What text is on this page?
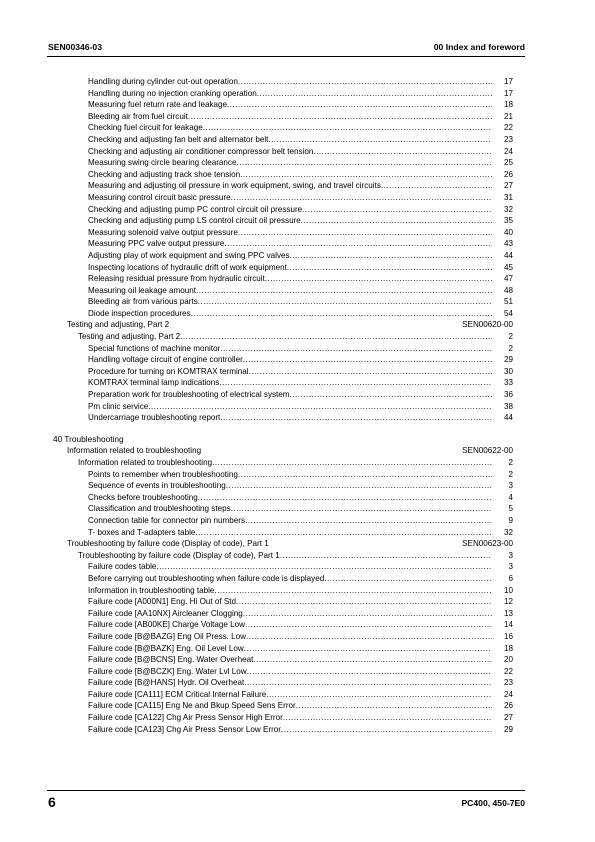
SEN00346-03	00 Index and foreword
Handling during cylinder cut-out operation .....	17
Handling during no injection cranking operation .....	17
Measuring fuel return rate and leakage .....	18
Bleeding air from fuel circuit .....	21
Checking fuel circuit for leakage .....	22
Checking and adjusting fan belt and alternator belt .....	23
Checking and adjusting air conditioner compressor belt tension .....	24
Measuring swing circle bearing clearance .....	25
Checking and adjusting track shoe tension .....	26
Measuring and adjusting oil pressure in work equipment, swing, and travel circuits .....	27
Measuring control circuit basic pressure .....	31
Checking and adjusting pump PC control circuit oil pressure .....	32
Checking and adjusting pump LS control circuit oil pressure .....	35
Measuring solenoid valve output pressure .....	40
Measuring PPC valve output pressure .....	43
Adjusting play of work equipment and swing PPC valves .....	44
Inspecting locations of hydraulic drift of work equipment .....	45
Releasing residual pressure from hydraulic circuit .....	47
Measuring oil leakage amount .....	48
Bleeding air from various parts .....	51
Diode inspection procedures .....	54
Testing and adjusting, Part 2	SEN00620-00
Testing and adjusting, Part 2 .....	2
Special functions of machine monitor .....	2
Handling voltage circuit of engine controller .....	29
Procedure for turning on KOMTRAX terminal .....	30
KOMTRAX terminal lamp indications .....	33
Preparation work for troubleshooting of electrical system .....	36
Pm clinic service .....	38
Undercarriage troubleshooting report .....	44
40 Troubleshooting
Information related to troubleshooting	SEN00622-00
Information related to troubleshooting .....	2
Points to remember when troubleshooting .....	2
Sequence of events in troubleshooting .....	3
Checks before troubleshooting .....	4
Classification and troubleshooting steps .....	5
Connection table for connector pin numbers .....	9
T- boxes and T-adapters table .....	32
Troubleshooting by failure code (Display of code), Part 1	SEN00623-00
Troubleshooting by failure code (Display of code), Part 1 .....	3
Failure codes table .....	3
Before carrying out troubleshooting when failure code is displayed .....	6
Information in troubleshooting table .....	10
Failure code [A000N1] Eng. Hi Out of Std .....	12
Failure code [AA10NX] Aircleaner Clogging .....	13
Failure code [AB00KE] Charge Voltage Low .....	14
Failure code [B@BAZG] Eng Oil Press. Low .....	16
Failure code [B@BAZK] Eng. Oil Level Low .....	18
Failure code [B@BCNS] Eng. Water Overheat .....	20
Failure code [B@BCZK] Eng. Water Lvl Low .....	22
Failure code [B@HANS] Hydr. Oil Overheat .....	23
Failure code [CA111] ECM Critical Internal Failure .....	24
Failure code [CA115] Eng Ne and Bkup Speed Sens Error .....	26
Failure code [CA122] Chg Air Press Sensor High Error .....	27
Failure code [CA123] Chg Air Press Sensor Low Error .....	29
6	PC400, 450-7E0
